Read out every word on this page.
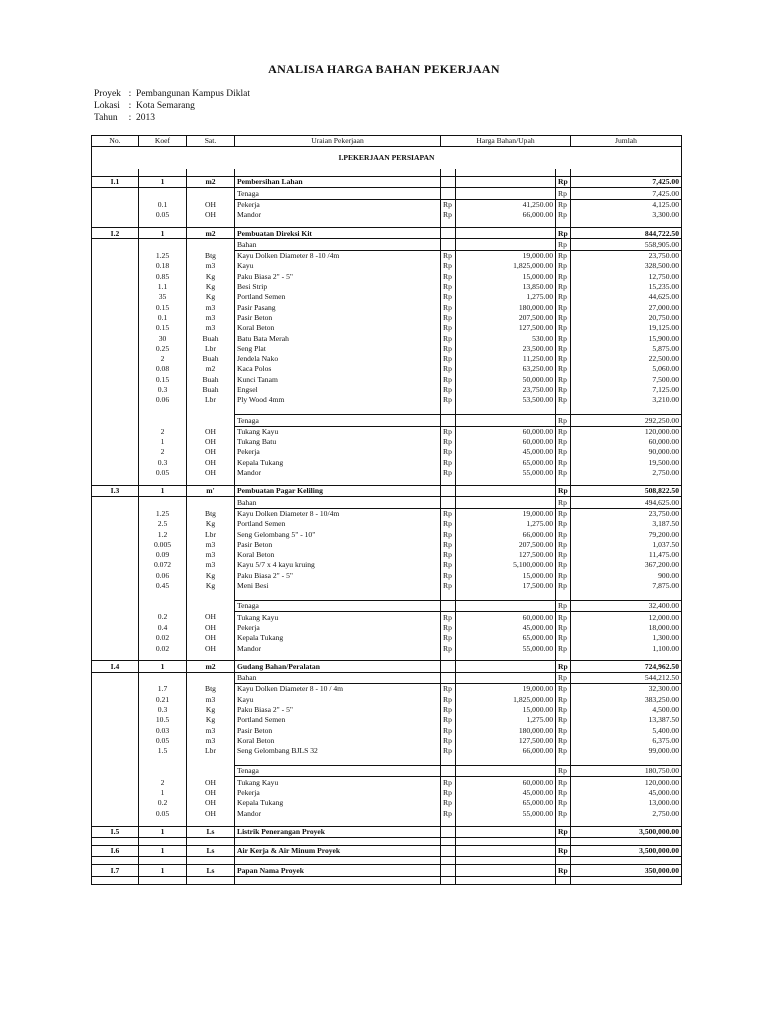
ANALISA HARGA BAHAN PEKERJAAN
Proyek : Pembangunan Kampus Diklat
Lokasi : Kota Semarang
Tahun : 2013
No.	Koef	Sat.	Uraian Pekerjaan	Harga Bahan/Upah			Jumlah
I.PEKERJAAN PERSIAPAN							

I.1	1	m2	Pembersihan Lahan			Rp	7,425.00
			Tenaga			Rp	7,425.00
	0.1	OH	Pekerja	Rp	41,250.00	Rp	4,125.00
	0.05	OH	Mandor	Rp	66,000.00	Rp	3,300.00

I.2	1	m2	Pembuatan Direksi Kit			Rp	844,722.50
			Bahan			Rp	558,905.00
	1.25	Btg	Kayu Dolken Diameter 8 -10 /4m	Rp	19,000.00	Rp	23,750.00
	0.18	m3	Kayu	Rp	1,825,000.00	Rp	328,500.00
	0.85	Kg	Paku Biasa 2" - 5"	Rp	15,000.00	Rp	12,750.00
	1.1	Kg	Besi Strip	Rp	13,850.00	Rp	15,235.00
	35	Kg	Portland Semen	Rp	1,275.00	Rp	44,625.00
	0.15	m3	Pasir Pasang	Rp	180,000.00	Rp	27,000.00
	0.1	m3	Pasir Beton	Rp	207,500.00	Rp	20,750.00
	0.15	m3	Koral Beton	Rp	127,500.00	Rp	19,125.00
	30	Buah	Batu Bata Merah	Rp	530.00	Rp	15,900.00
	0.25	Lbr	Seng Plat	Rp	23,500.00	Rp	5,875.00
	2	Buah	Jendela Nako	Rp	11,250.00	Rp	22,500.00
	0.08	m2	Kaca Polos	Rp	63,250.00	Rp	5,060.00
	0.15	Buah	Kunci Tanam	Rp	50,000.00	Rp	7,500.00
	0.3	Buah	Engsel	Rp	23,750.00	Rp	7,125.00
	0.06	Lbr	Ply Wood 4mm	Rp	53,500.00	Rp	3,210.00

			Tenaga			Rp	292,250.00
	2	OH	Tukang Kayu	Rp	60,000.00	Rp	120,000.00
	1	OH	Tukang Batu	Rp	60,000.00	Rp	60,000.00
	2	OH	Pekerja	Rp	45,000.00	Rp	90,000.00
	0.3	OH	Kepala Tukang	Rp	65,000.00	Rp	19,500.00
	0.05	OH	Mandor	Rp	55,000.00	Rp	2,750.00

I.3	1	m'	Pembuatan Pagar Keliling			Rp	508,822.50
			Bahan			Rp	494,625.00
	1.25	Btg	Kayu Dolken Diameter 8 - 10/4m	Rp	19,000.00	Rp	23,750.00
	2.5	Kg	Portland Semen	Rp	1,275.00	Rp	3,187.50
	1.2	Lbr	Seng Gelombang 5" - 10"	Rp	66,000.00	Rp	79,200.00
	0.005	m3	Pasir Beton	Rp	207,500.00	Rp	1,037.50
	0.09	m3	Koral Beton	Rp	127,500.00	Rp	11,475.00
	0.072	m3	Kayu 5/7 x 4 kayu kruing	Rp	5,100,000.00	Rp	367,200.00
	0.06	Kg	Paku Biasa 2" - 5"	Rp	15,000.00	Rp	900.00
	0.45	Kg	Meni Besi	Rp	17,500.00	Rp	7,875.00

			Tenaga			Rp	32,400.00
	0.2	OH	Tukang Kayu	Rp	60,000.00	Rp	12,000.00
	0.4	OH	Pekerja	Rp	45,000.00	Rp	18,000.00
	0.02	OH	Kepala Tukang	Rp	65,000.00	Rp	1,300.00
	0.02	OH	Mandor	Rp	55,000.00	Rp	1,100.00

I.4	1	m2	Gudang Bahan/Peralatan			Rp	724,962.50
			Bahan			Rp	544,212.50
	1.7	Btg	Kayu Dolken Diameter 8 - 10 / 4m	Rp	19,000.00	Rp	32,300.00
	0.21	m3	Kayu	Rp	1,825,000.00	Rp	383,250.00
	0.3	Kg	Paku Biasa 2" - 5"	Rp	15,000.00	Rp	4,500.00
	10.5	Kg	Portland Semen	Rp	1,275.00	Rp	13,387.50
	0.03	m3	Pasir Beton	Rp	180,000.00	Rp	5,400.00
	0.05	m3	Koral Beton	Rp	127,500.00	Rp	6,375.00
	1.5	Lbr	Seng Gelombang BJLS 32	Rp	66,000.00	Rp	99,000.00

			Tenaga			Rp	180,750.00
	2	OH	Tukang Kayu	Rp	60,000.00	Rp	120,000.00
	1	OH	Pekerja	Rp	45,000.00	Rp	45,000.00
	0.2	OH	Kepala Tukang	Rp	65,000.00	Rp	13,000.00
	0.05	OH	Mandor	Rp	55,000.00	Rp	2,750.00

I.5	1	Ls	Listrik Penerangan Proyek			Rp	3,500,000.00

I.6	1	Ls	Air Kerja & Air Minum Proyek			Rp	3,500,000.00

I.7	1	Ls	Papan Nama Proyek			Rp	350,000.00
